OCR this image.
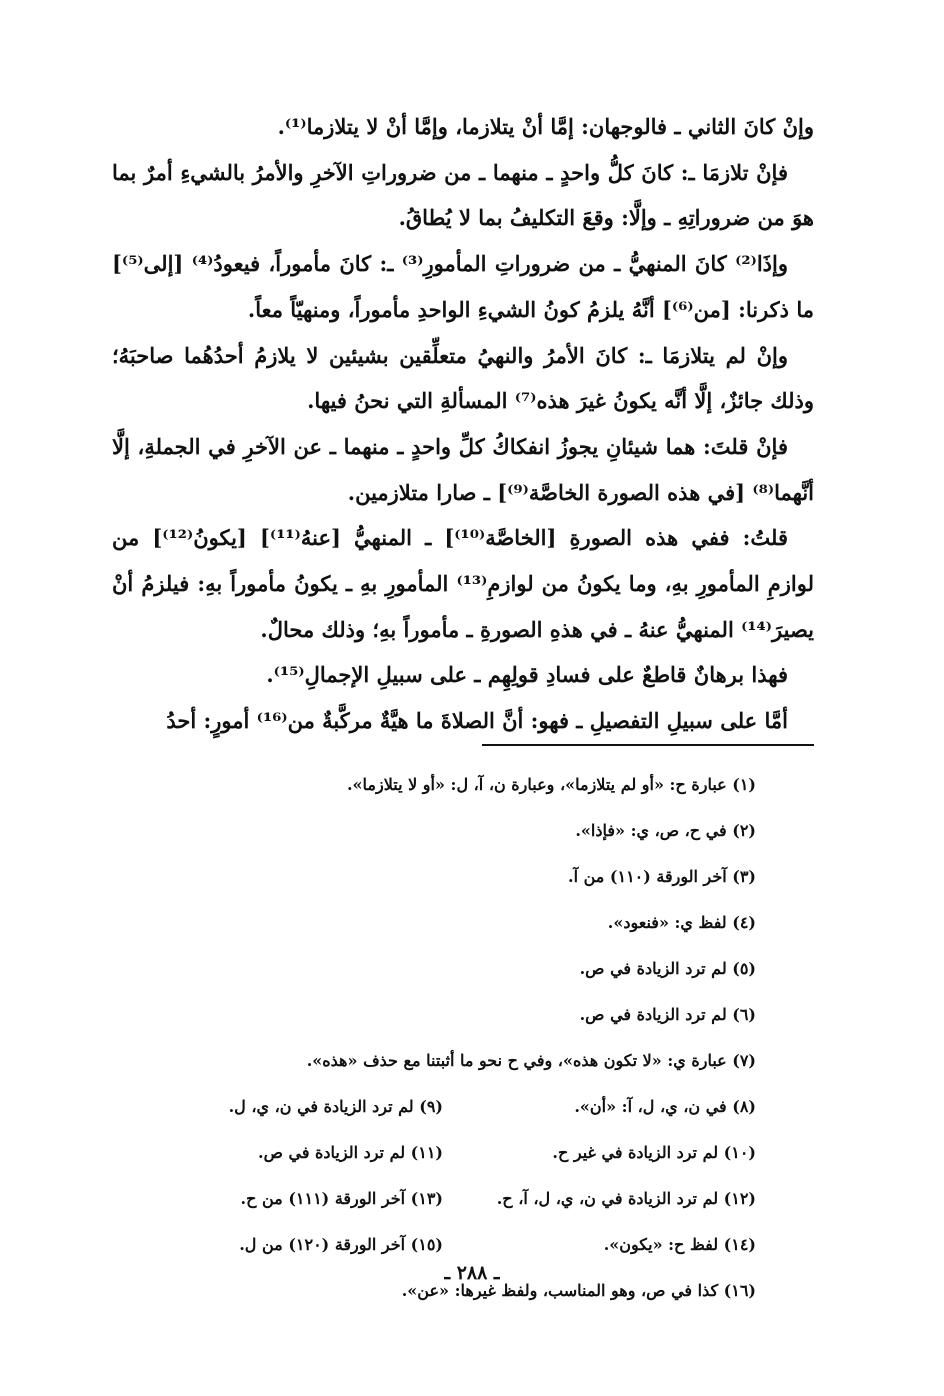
وإنْ كانَ الثاني ـ فالوجهان: إمَّا أنْ يتلازما، وإمَّا أنْ لا يتلازما⁽¹⁾.

فإنْ تلازمَا ـ: كانَ كلُّ واحدٍ ـ منهما ـ من ضروراتِ الآخرِ والأمرُ بالشيءِ أمرٌ بما هوَ من ضروراتِهِ ـ وإلَّا: وقعَ التكليفُ بما لا يُطاقُ.

وإذَا⁽²⁾ كانَ المنهيُّ ـ من ضروراتِ المأمورِ⁽³⁾ ـ: كانَ مأموراً، فيعودُ⁽⁴⁾ [إلى⁽⁵⁾] ما ذكرنا: [من⁽⁶⁾] أنَّهُ يلزمُ كونُ الشيءِ الواحدِ مأموراً، ومنهيّاً معاً.

وإنْ لم يتلازمَا ـ: كانَ الأمرُ والنهيُ متعلِّقين بشيئين لا يلازمُ أحدُهُما صاحبَهُ؛ وذلك جائزٌ، إلَّا أنَّه يكونُ غيرَ هذه⁽⁷⁾ المسألةِ التي نحنُ فيها.

فإنْ قلتَ: هما شيئانِ يجوزُ انفكاكُ كلِّ واحدٍ ـ منهما ـ عن الآخرِ في الجملةِ، إلَّا أنَّهما⁽⁸⁾ [في هذه الصورة الخاصَّة⁽⁹⁾] ـ صارا متلازمين.

قلتُ: ففي هذه الصورةِ [الخاصَّة⁽¹⁰⁾] ـ المنهيُّ [عنهُ⁽¹¹⁾] [يكونُ⁽¹²⁾] من لوازمِ المأمورِ بهِ، وما يكونُ من لوازمِ⁽¹³⁾ المأمورِ بهِ ـ يكونُ مأموراً بهِ: فيلزمُ أنْ يصيرَ⁽¹⁴⁾ المنهيُّ عنهُ ـ في هذهِ الصورةِ ـ مأموراً بهِ؛ وذلك محالٌ.

فهذا برهانٌ قاطعٌ على فسادِ قولِهِم ـ على سبيلِ الإجمالِ⁽¹⁵⁾.

أمَّا على سبيلِ التفصيلِ ـ فهو: أنَّ الصلاةَ ما هيَّةٌ مركَّبةٌ من⁽¹⁶⁾ أمورٍ: أحدُ

(١) عبارة ح: «أو لم يتلازما»، وعبارة ن، آ، ل: «أو لا يتلازما».
(٢) في ح، ص، ي: «فإذا».
(٣) آخر الورقة (١١٠) من آ.
(٤) لفظ ي: «فنعود».
(٥) لم ترد الزيادة في ص.
(٦) لم ترد الزيادة في ص.
(٧) عبارة ي: «لا تكون هذه»، وفي ح نحو ما أثبتنا مع حذف «هذه».
(٨) في ن، ي، ل، آ: «أن».
(٩) لم ترد الزيادة في ن، ي، ل.
(١٠) لم ترد الزيادة في غير ح.
(١١) لم ترد الزيادة في ص.
(١٢) لم ترد الزيادة في ن، ي، ل، آ، ح.
(١٣) آخر الورقة (١١١) من ح.
(١٤) لفظ ح: «يكون».
(١٥) آخر الورقة (١٢٠) من ل.
(١٦) كذا في ص، وهو المناسب، ولفظ غيرها: «عن».
ـ ٢٨٨ ـ
